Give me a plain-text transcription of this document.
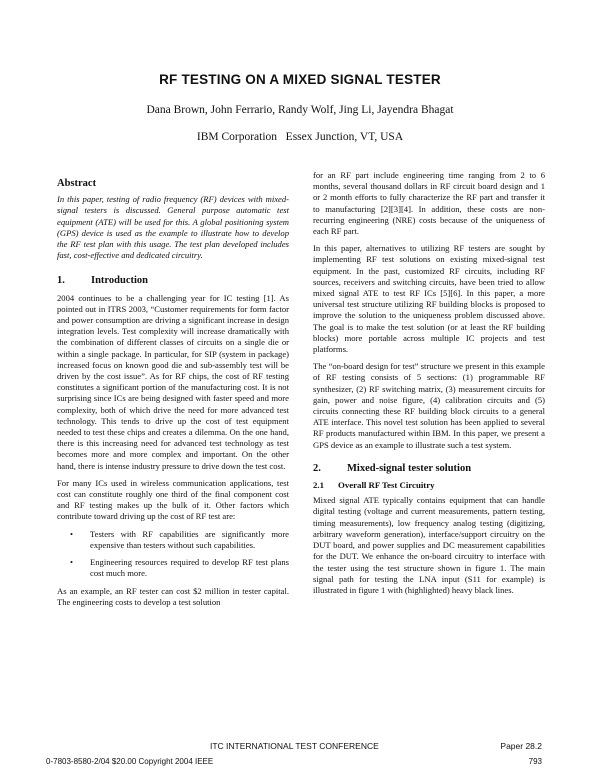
RF TESTING ON A MIXED SIGNAL TESTER
Dana Brown, John Ferrario, Randy Wolf, Jing Li, Jayendra Bhagat
IBM Corporation   Essex Junction, VT, USA
Abstract

In this paper, testing of radio frequency (RF) devices with mixed-signal testers is discussed. General purpose automatic test equipment (ATE) will be used for this. A global positioning system (GPS) device is used as the example to illustrate how to develop the RF test plan with this usage. The test plan developed includes fast, cost-effective and dedicated circuitry.

1.	Introduction

2004 continues to be a challenging year for IC testing [1]. As pointed out in ITRS 2003, “Customer requirements for form factor and power consumption are driving a significant increase in design integration levels. Test complexity will increase dramatically with the combination of different classes of circuits on a single die or within a single package. In particular, for SIP (system in package) increased focus on known good die and sub-assembly test will be driven by the cost issue”. As for RF chips, the cost of RF testing constitutes a significant portion of the manufacturing cost. It is not surprising since ICs are being designed with faster speed and more complexity, both of which drive the need for more advanced test technology. This tends to drive up the cost of test equipment needed to test these chips and creates a dilemma. On the one hand, there is this increasing need for advanced test technology as test becomes more and more complex and important. On the other hand, there is intense industry pressure to drive down the test cost.

For many ICs used in wireless communication applications, test cost can constitute roughly one third of the final component cost and RF testing makes up the bulk of it. Other factors which contribute toward driving up the cost of RF test are:

•	Testers with RF capabilities are significantly more expensive than testers without such capabilities.
•	Engineering resources required to develop RF test plans cost much more.

As an example, an RF tester can cost $2 million in tester capital. The engineering costs to develop a test solution

for an RF part include engineering time ranging from 2 to 6 months, several thousand dollars in RF circuit board design and 1 or 2 month efforts to fully characterize the RF part and transfer it to manufacturing [2][3][4]. In addition, these costs are non-recurring engineering (NRE) costs because of the uniqueness of each RF part.

In this paper, alternatives to utilizing RF testers are sought by implementing RF test solutions on existing mixed-signal test equipment. In the past, customized RF circuits, including RF sources, receivers and switching circuits, have been tried to allow mixed signal ATE to test RF ICs [5][6]. In this paper, a more universal test structure utilizing RF building blocks is proposed to improve the solution to the uniqueness problem discussed above. The goal is to make the test solution (or at least the RF building blocks) more portable across multiple IC projects and test platforms.

The “on-board design for test” structure we present in this example of RF testing consists of 5 sections: (1) programmable RF synthesizer, (2) RF switching matrix, (3) measurement circuits for gain, power and noise figure, (4) calibration circuits and (5) circuits connecting these RF building block circuits to a general ATE interface. This novel test solution has been applied to several RF products manufactured within IBM. In this paper, we present a GPS device as an example to illustrate such a test system.

2.	Mixed-signal tester solution
2.1	Overall RF Test Circuitry

Mixed signal ATE typically contains equipment that can handle digital testing (voltage and current measurements, pattern testing, timing measurements), low frequency analog testing (digitizing, arbitrary waveform generation), interface/support circuitry on the DUT board, and power supplies and DC measurement capabilities for the DUT. We enhance the on-board circuitry to interface with the tester using the test structure shown in figure 1. The main signal path for testing the LNA input (S11 for example) is illustrated in figure 1 with (highlighted) heavy black lines.

ITC INTERNATIONAL TEST CONFERENCE	Paper 28.2
0-7803-8580-2/04 $20.00 Copyright 2004 IEEE	793
